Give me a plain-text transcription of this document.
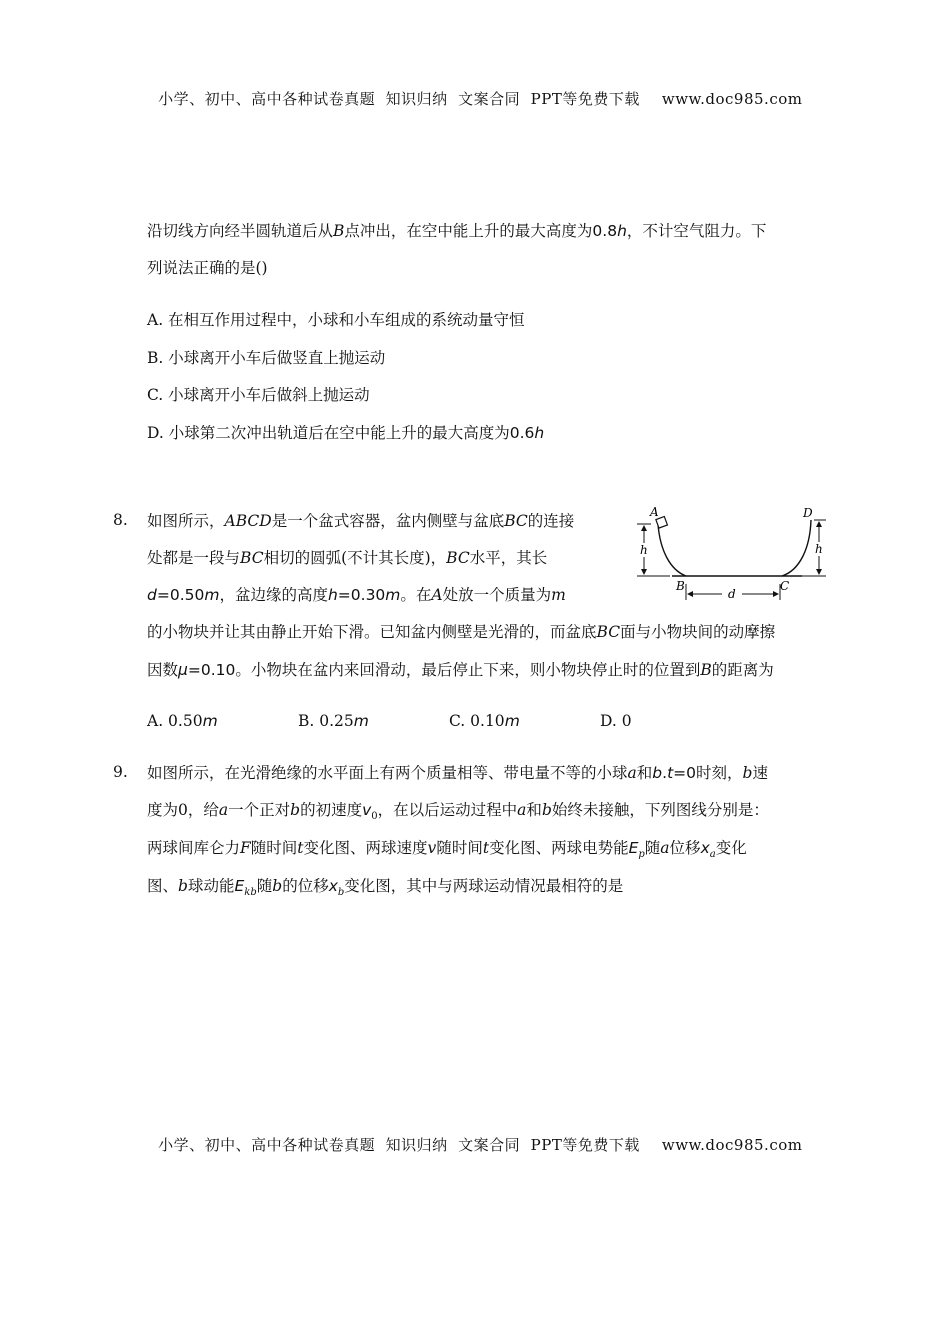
小学、初中、高中各种试卷真题  知识归纳  文案合同  PPT等免费下载 www.doc985.com

沿切线方向经半圆轨道后从B点冲出，在空中能上升的最大高度为0.8h，不计空气阻力。下
列说法正确的是()
A. 在相互作用过程中，小球和小车组成的系统动量守恒
B. 小球离开小车后做竖直上抛运动
C. 小球离开小车后做斜上抛运动
D. 小球第二次冲出轨道后在空中能上升的最大高度为0.6h
8. 如图所示，ABCD是一个盆式容器，盆内侧壁与盆底BC的连接
处都是一段与BC相切的圆弧(不计其长度)，BC水平，其长
d=0.50m，盆边缘的高度h=0.30m。在A处放一个质量为m
的小物块并让其由静止开始下滑。已知盆内侧壁是光滑的，而盆底BC面与小物块间的动摩擦
因数μ=0.10。小物块在盆内来回滑动，最后停止下来，则小物块停止时的位置到B的距离为
A	D
B	C
h	h
d
A. 0.50m	B. 0.25m	C. 0.10m	D. 0
9. 如图所示，在光滑绝缘的水平面上有两个质量相等、带电量不等的小球a和b.t=0时刻，b速
度为0，给a一个正对b的初速度$v_0$，在以后运动过程中a和b始终未接触，下列图线分别是：
两球间库仑力F随时间t变化图、两球速度v随时间t变化图、两球电势能$E_p$随a位移$x_a$变化
图、b球动能$E_{kb}$随b的位移$x_b$变化图，其中与两球运动情况最相符的是

小学、初中、高中各种试卷真题  知识归纳  文案合同  PPT等免费下载 www.doc985.com
